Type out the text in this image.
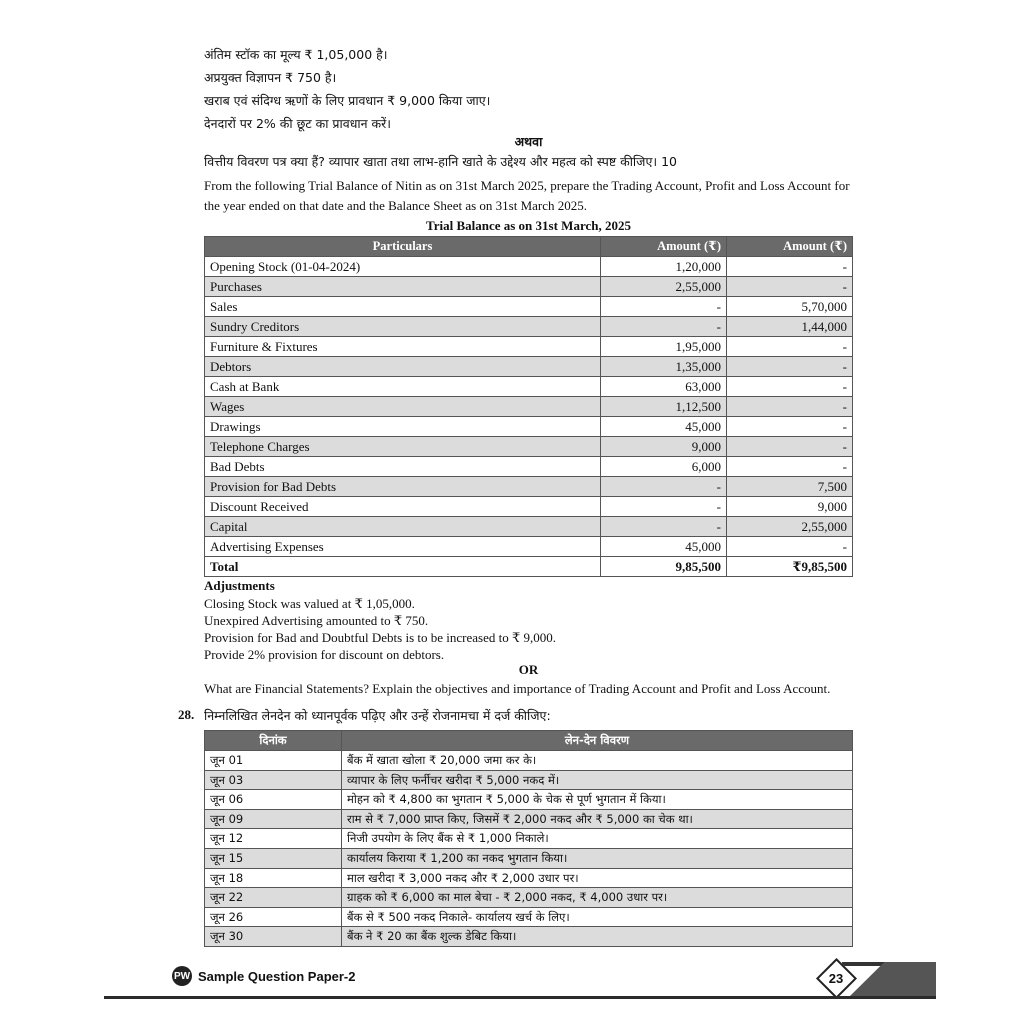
अंतिम स्टॉक का मूल्य ₹ 1,05,000 है।
अप्रयुक्त विज्ञापन ₹ 750 है।
खराब एवं संदिग्ध ऋणों के लिए प्रावधान ₹ 9,000 किया जाए।
देनदारों पर 2% की छूट का प्रावधान करें।
अथवा
वित्तीय विवरण पत्र क्या हैं? व्यापार खाता तथा लाभ-हानि खाते के उद्देश्य और महत्व को स्पष्ट कीजिए। 10
From the following Trial Balance of Nitin as on 31st March 2025, prepare the Trading Account, Profit and Loss Account for
the year ended on that date and the Balance Sheet as on 31st March 2025.
Trial Balance as on 31st March, 2025
Particulars	Amount (₹)	Amount (₹)
Opening Stock (01-04-2024)	1,20,000	-
Purchases	2,55,000	-
Sales	-	5,70,000
Sundry Creditors	-	1,44,000
Furniture & Fixtures	1,95,000	-
Debtors	1,35,000	-
Cash at Bank	63,000	-
Wages	1,12,500	-
Drawings	45,000	-
Telephone Charges	9,000	-
Bad Debts	6,000	-
Provision for Bad Debts	-	7,500
Discount Received	-	9,000
Capital	-	2,55,000
Advertising Expenses	45,000	-
Total	9,85,500	₹9,85,500
Adjustments
Closing Stock was valued at ₹ 1,05,000.
Unexpired Advertising amounted to ₹ 750.
Provision for Bad and Doubtful Debts is to be increased to ₹ 9,000.
Provide 2% provision for discount on debtors.
OR
What are Financial Statements? Explain the objectives and importance of Trading Account and Profit and Loss Account.
28. निम्नलिखित लेनदेन को ध्यानपूर्वक पढ़िए और उन्हें रोजनामचा में दर्ज कीजिए:
दिनांक	लेन-देन विवरण
जून 01	बैंक में खाता खोला ₹ 20,000 जमा कर के।
जून 03	व्यापार के लिए फर्नीचर खरीदा ₹ 5,000 नकद में।
जून 06	मोहन को ₹ 4,800 का भुगतान ₹ 5,000 के चेक से पूर्ण भुगतान में किया।
जून 09	राम से ₹ 7,000 प्राप्त किए, जिसमें ₹ 2,000 नकद और ₹ 5,000 का चेक था।
जून 12	निजी उपयोग के लिए बैंक से ₹ 1,000 निकाले।
जून 15	कार्यालय किराया ₹ 1,200 का नकद भुगतान किया।
जून 18	माल खरीदा ₹ 3,000 नकद और ₹ 2,000 उधार पर।
जून 22	ग्राहक को ₹ 6,000 का माल बेचा - ₹ 2,000 नकद, ₹ 4,000 उधार पर।
जून 26	बैंक से ₹ 500 नकद निकाले- कार्यालय खर्च के लिए।
जून 30	बैंक ने ₹ 20 का बैंक शुल्क डेबिट किया।
PW Sample Question Paper-2	23
